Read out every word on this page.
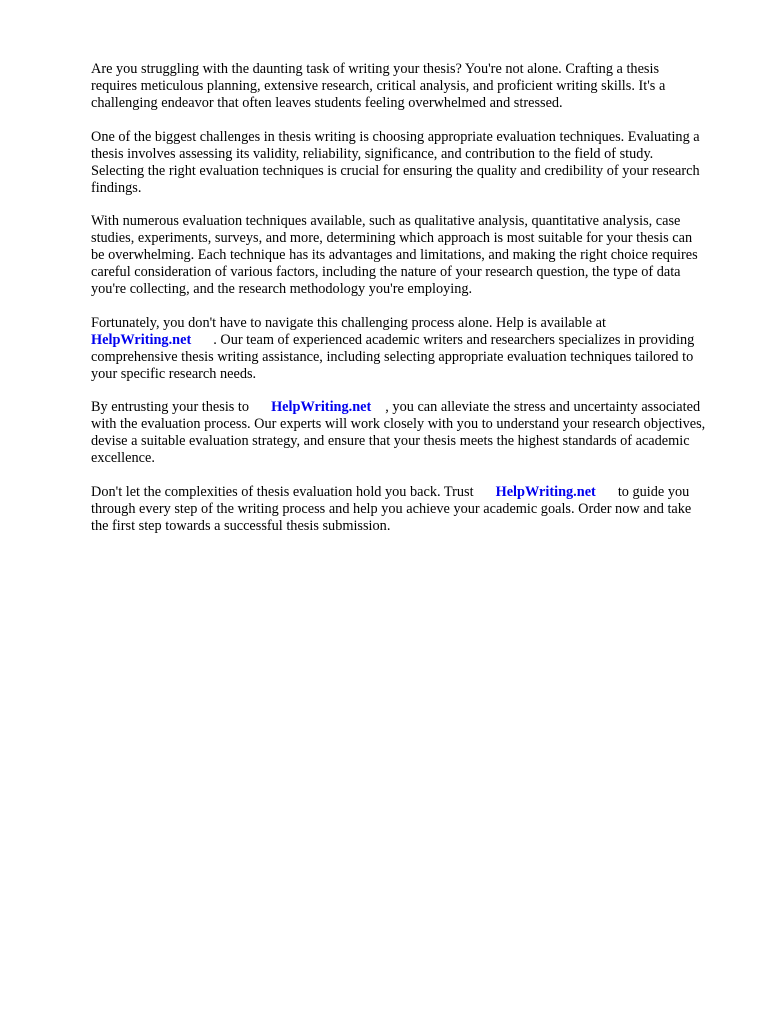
Are you struggling with the daunting task of writing your thesis? You're not alone. Crafting a thesis requires meticulous planning, extensive research, critical analysis, and proficient writing skills. It's a challenging endeavor that often leaves students feeling overwhelmed and stressed.

One of the biggest challenges in thesis writing is choosing appropriate evaluation techniques. Evaluating a thesis involves assessing its validity, reliability, significance, and contribution to the field of study. Selecting the right evaluation techniques is crucial for ensuring the quality and credibility of your research findings.

With numerous evaluation techniques available, such as qualitative analysis, quantitative analysis, case studies, experiments, surveys, and more, determining which approach is most suitable for your thesis can be overwhelming. Each technique has its advantages and limitations, and making the right choice requires careful consideration of various factors, including the nature of your research question, the type of data you're collecting, and the research methodology you're employing.

Fortunately, you don't have to navigate this challenging process alone. Help is available at
HelpWriting.net . Our team of experienced academic writers and researchers specializes in providing comprehensive thesis writing assistance, including selecting appropriate evaluation techniques tailored to your specific research needs.

By entrusting your thesis to HelpWriting.net , you can alleviate the stress and uncertainty associated with the evaluation process. Our experts will work closely with you to understand your research objectives, devise a suitable evaluation strategy, and ensure that your thesis meets the highest standards of academic excellence.

Don't let the complexities of thesis evaluation hold you back. Trust HelpWriting.net to guide you through every step of the writing process and help you achieve your academic goals. Order now and take the first step towards a successful thesis submission.
